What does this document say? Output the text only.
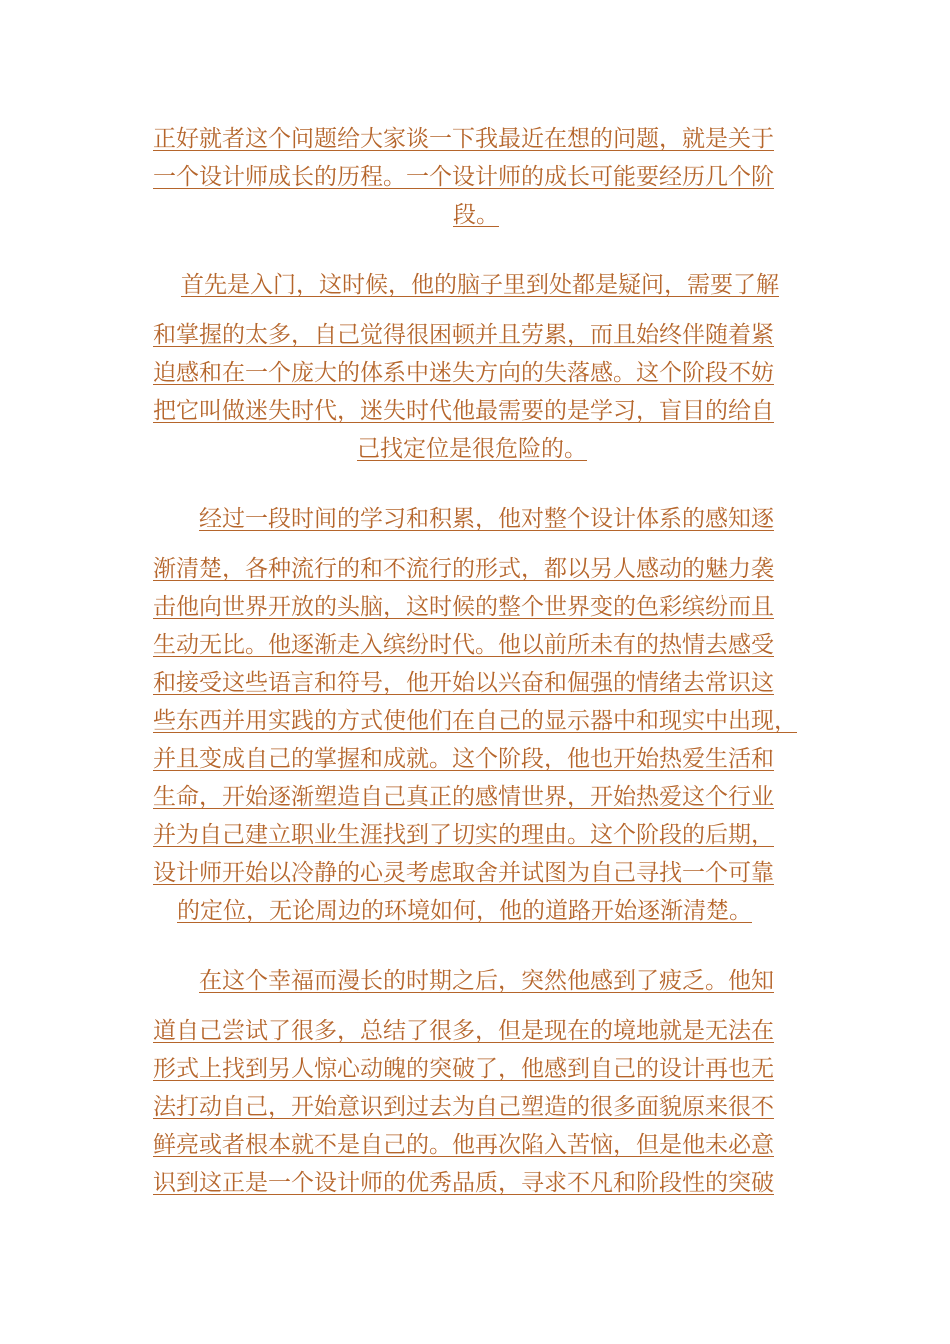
正好就者这个问题给大家谈一下我最近在想的问题，就是关于
一个设计师成长的历程。一个设计师的成长可能要经历几个阶
段。
首先是入门，这时候，他的脑子里到处都是疑问，需要了解
和掌握的太多，自己觉得很困顿并且劳累，而且始终伴随着紧
迫感和在一个庞大的体系中迷失方向的失落感。这个阶段不妨
把它叫做迷失时代，迷失时代他最需要的是学习，盲目的给自
己找定位是很危险的。
经过一段时间的学习和积累，他对整个设计体系的感知逐
渐清楚，各种流行的和不流行的形式，都以另人感动的魅力袭
击他向世界开放的头脑，这时候的整个世界变的色彩缤纷而且
生动无比。他逐渐走入缤纷时代。他以前所未有的热情去感受
和接受这些语言和符号，他开始以兴奋和倔强的情绪去常识这
些东西并用实践的方式使他们在自己的显示器中和现实中出现，
并且变成自己的掌握和成就。这个阶段，他也开始热爱生活和
生命，开始逐渐塑造自己真正的感情世界，开始热爱这个行业
并为自己建立职业生涯找到了切实的理由。这个阶段的后期，
设计师开始以冷静的心灵考虑取舍并试图为自己寻找一个可靠
的定位，无论周边的环境如何，他的道路开始逐渐清楚。
在这个幸福而漫长的时期之后，突然他感到了疲乏。他知
道自己尝试了很多，总结了很多，但是现在的境地就是无法在
形式上找到另人惊心动魄的突破了，他感到自己的设计再也无
法打动自己，开始意识到过去为自己塑造的很多面貌原来很不
鲜亮或者根本就不是自己的。他再次陷入苦恼，但是他未必意
识到这正是一个设计师的优秀品质，寻求不凡和阶段性的突破
